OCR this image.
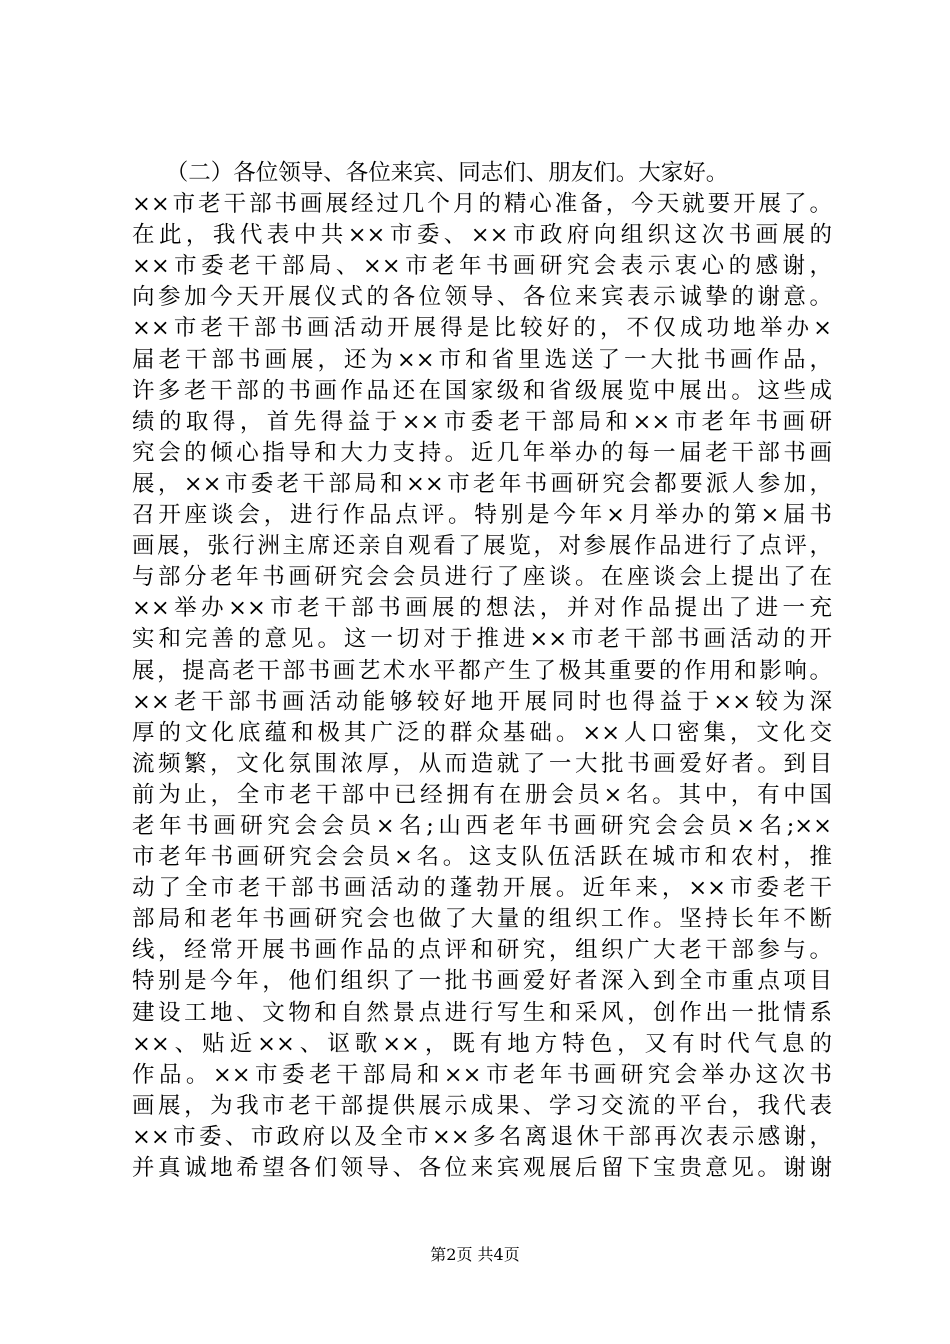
　　（二）各位领导、各位来宾、同志们、朋友们。大家好。
××市老干部书画展经过几个月的精心准备，今天就要开展了。
在此，我代表中共××市委、××市政府向组织这次书画展的
××市委老干部局、××市老年书画研究会表示衷心的感谢，
向参加今天开展仪式的各位领导、各位来宾表示诚挚的谢意。
××市老干部书画活动开展得是比较好的，不仅成功地举办×
届老干部书画展，还为××市和省里选送了一大批书画作品，
许多老干部的书画作品还在国家级和省级展览中展出。这些成
绩的取得，首先得益于××市委老干部局和××市老年书画研
究会的倾心指导和大力支持。近几年举办的每一届老干部书画
展，××市委老干部局和××市老年书画研究会都要派人参加，
召开座谈会，进行作品点评。特别是今年×月举办的第×届书
画展，张行洲主席还亲自观看了展览，对参展作品进行了点评，
与部分老年书画研究会会员进行了座谈。在座谈会上提出了在
××举办××市老干部书画展的想法，并对作品提出了进一充
实和完善的意见。这一切对于推进××市老干部书画活动的开
展，提高老干部书画艺术水平都产生了极其重要的作用和影响。
××老干部书画活动能够较好地开展同时也得益于××较为深
厚的文化底蕴和极其广泛的群众基础。××人口密集，文化交
流频繁，文化氛围浓厚，从而造就了一大批书画爱好者。到目
前为止，全市老干部中已经拥有在册会员×名。其中，有中国
老年书画研究会会员×名;山西老年书画研究会会员×名;××
市老年书画研究会会员×名。这支队伍活跃在城市和农村，推
动了全市老干部书画活动的蓬勃开展。近年来，××市委老干
部局和老年书画研究会也做了大量的组织工作。坚持长年不断
线，经常开展书画作品的点评和研究，组织广大老干部参与。
特别是今年，他们组织了一批书画爱好者深入到全市重点项目
建设工地、文物和自然景点进行写生和采风，创作出一批情系
××、贴近××、讴歌××，既有地方特色，又有时代气息的
作品。××市委老干部局和××市老年书画研究会举办这次书
画展，为我市老干部提供展示成果、学习交流的平台，我代表
××市委、市政府以及全市××多名离退休干部再次表示感谢，
并真诚地希望各们领导、各位来宾观展后留下宝贵意见。谢谢
第2页 共4页
